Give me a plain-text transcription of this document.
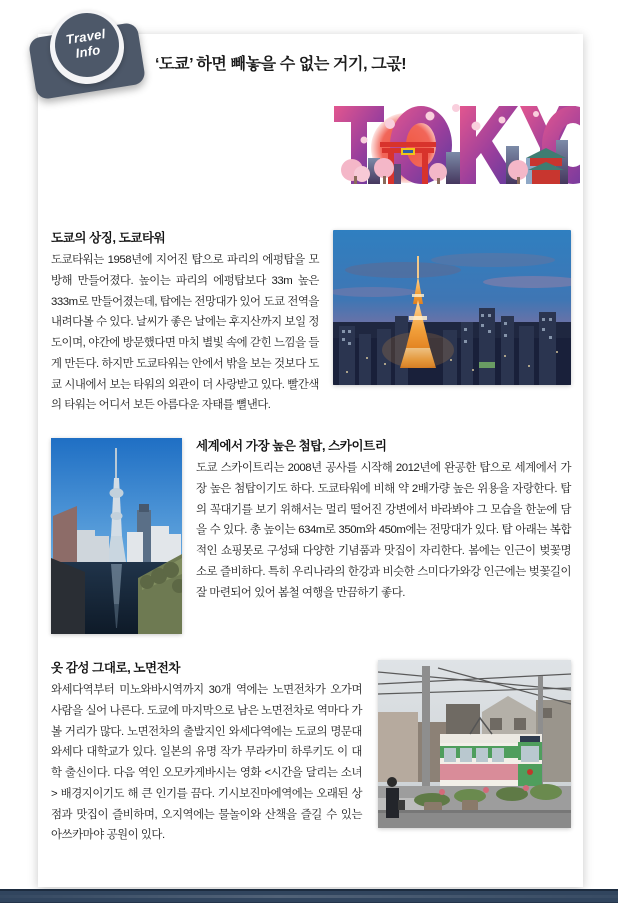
Travel
Info
‘도쿄’ 하면 빼놓을 수 없는 거기, 그곣!
도쿄의 상징, 도쿄타워
도쿄타워는 1958년에 지어진 탑으로 파리의 에펑탑을 모방해 만들어졌다. 높이는 파리의 에펑탑보다 33m 높은 333m로 만들어졌는데, 탑에는 전망대가 있어 도쿄 전역을 내려다볼 수 있다. 날씨가 좋은 날에는 후지산까지 보일 정도이며, 야간에 방문했다면 마치 별빛 속에 갇힌 느낌을 들게 만든다. 하지만 도쿄타워는 안에서 밖을 보는 것보다 도쿄 시내에서 보는 타워의 외관이 더 사랑받고 있다. 빨간색의 타워는 어디서 보든 아름다운 자태를 뼐낸다.
세계에서 가장 높은 첨탑, 스카이트리
도쿄 스카이트리는 2008년 공사를 시작해 2012년에 완공한 탑으로 세계에서 가장 높은 첨탑이기도 하다. 도쿄타워에 비해 약 2배가량 높은 위용을 자랑한다. 탑의 꼭대기를 보기 위해서는 멀리 떨어진 강변에서 바라봐야 그 모습을 한눈에 담을 수 있다. 총 높이는 634m로 350m와 450m에는 전망대가 있다. 탑 아래는 복합적인 쇼핑못로 구성돼 다양한 기념품과 맛집이 자리한다. 봄에는 인근이 벚꽃명소로 즐비하다. 특히 우리나라의 한강과 비슷한 스미다가와강 인근에는 벚꽃길이 잘 마련되어 있어 봄철 여행을 만끔하기 좋다.
옷 감성 그대로, 노면전차
와세다역부터 미노와바시역까지 30개 역에는 노면전차가 오가며 사람을 실어 나른다. 도쿄에 마지막으로 남은 노면전차로 역마다 가볼 거리가 많다. 노면전차의 출발지인 와세다역에는 도쿄의 명문대 와세다 대학교가 있다. 일본의 유명 작가 무라카미 하루키도 이 대학 출신이다. 다음 역인 오모카게바시는 영화 <시간을 달리는 소녀> 배경지이기도 해 큰 인기를 끔다. 기시보진마에역에는 오래된 상점과 맛집이 즐비하며, 오지역에는 물놀이와 산책을 즐길 수 있는 아쓰카마야 공원이 있다.
